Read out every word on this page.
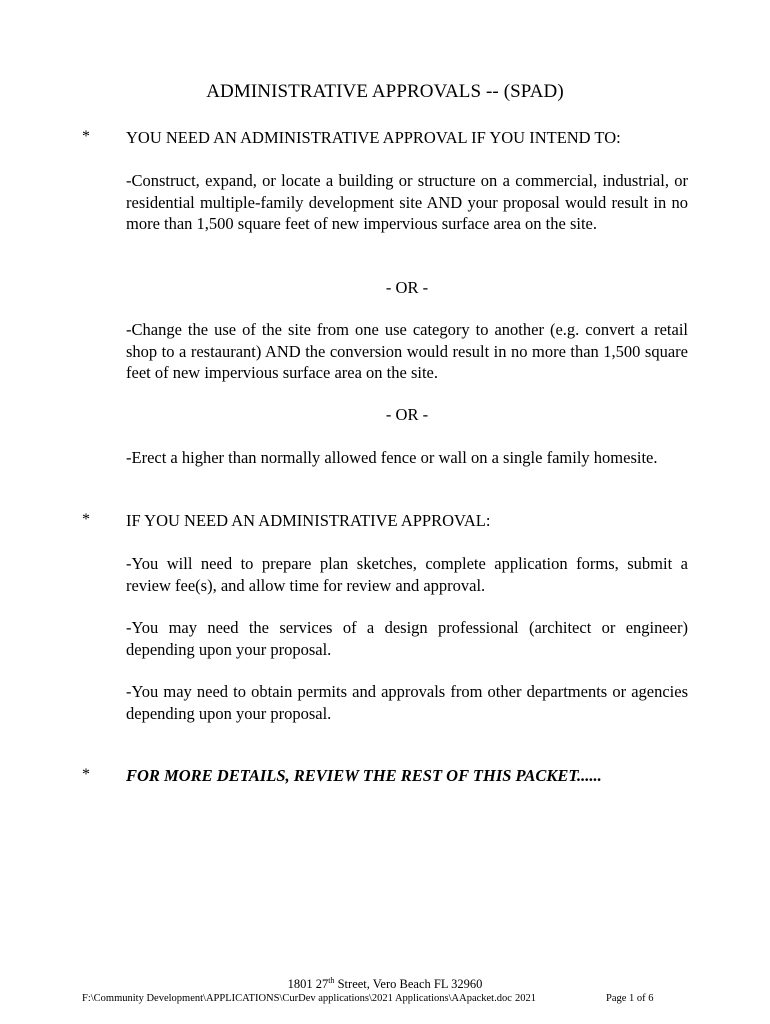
ADMINISTRATIVE APPROVALS -- (SPAD)
* YOU NEED AN ADMINISTRATIVE APPROVAL IF YOU INTEND TO:
-Construct, expand, or locate a building or structure on a commercial, industrial, or residential multiple-family development site AND your proposal would result in no more than 1,500 square feet of new impervious surface area on the site.
- OR -
-Change the use of the site from one use category to another (e.g. convert a retail shop to a restaurant) AND the conversion would result in no more than 1,500 square feet of new impervious surface area on the site.
- OR -
-Erect a higher than normally allowed fence or wall on a single family homesite.
* IF YOU NEED AN ADMINISTRATIVE APPROVAL:
-You will need to prepare plan sketches, complete application forms, submit a review fee(s), and allow time for review and approval.
-You may need the services of a design professional (architect or engineer) depending upon your proposal.
-You may need to obtain permits and approvals from other departments or agencies depending upon your proposal.
* FOR MORE DETAILS, REVIEW THE REST OF THIS PACKET......
1801 27th Street, Vero Beach FL 32960
F:\Community Development\APPLICATIONS\CurDev applications\2021 Applications\AApacket.doc 2021	Page 1 of 6
